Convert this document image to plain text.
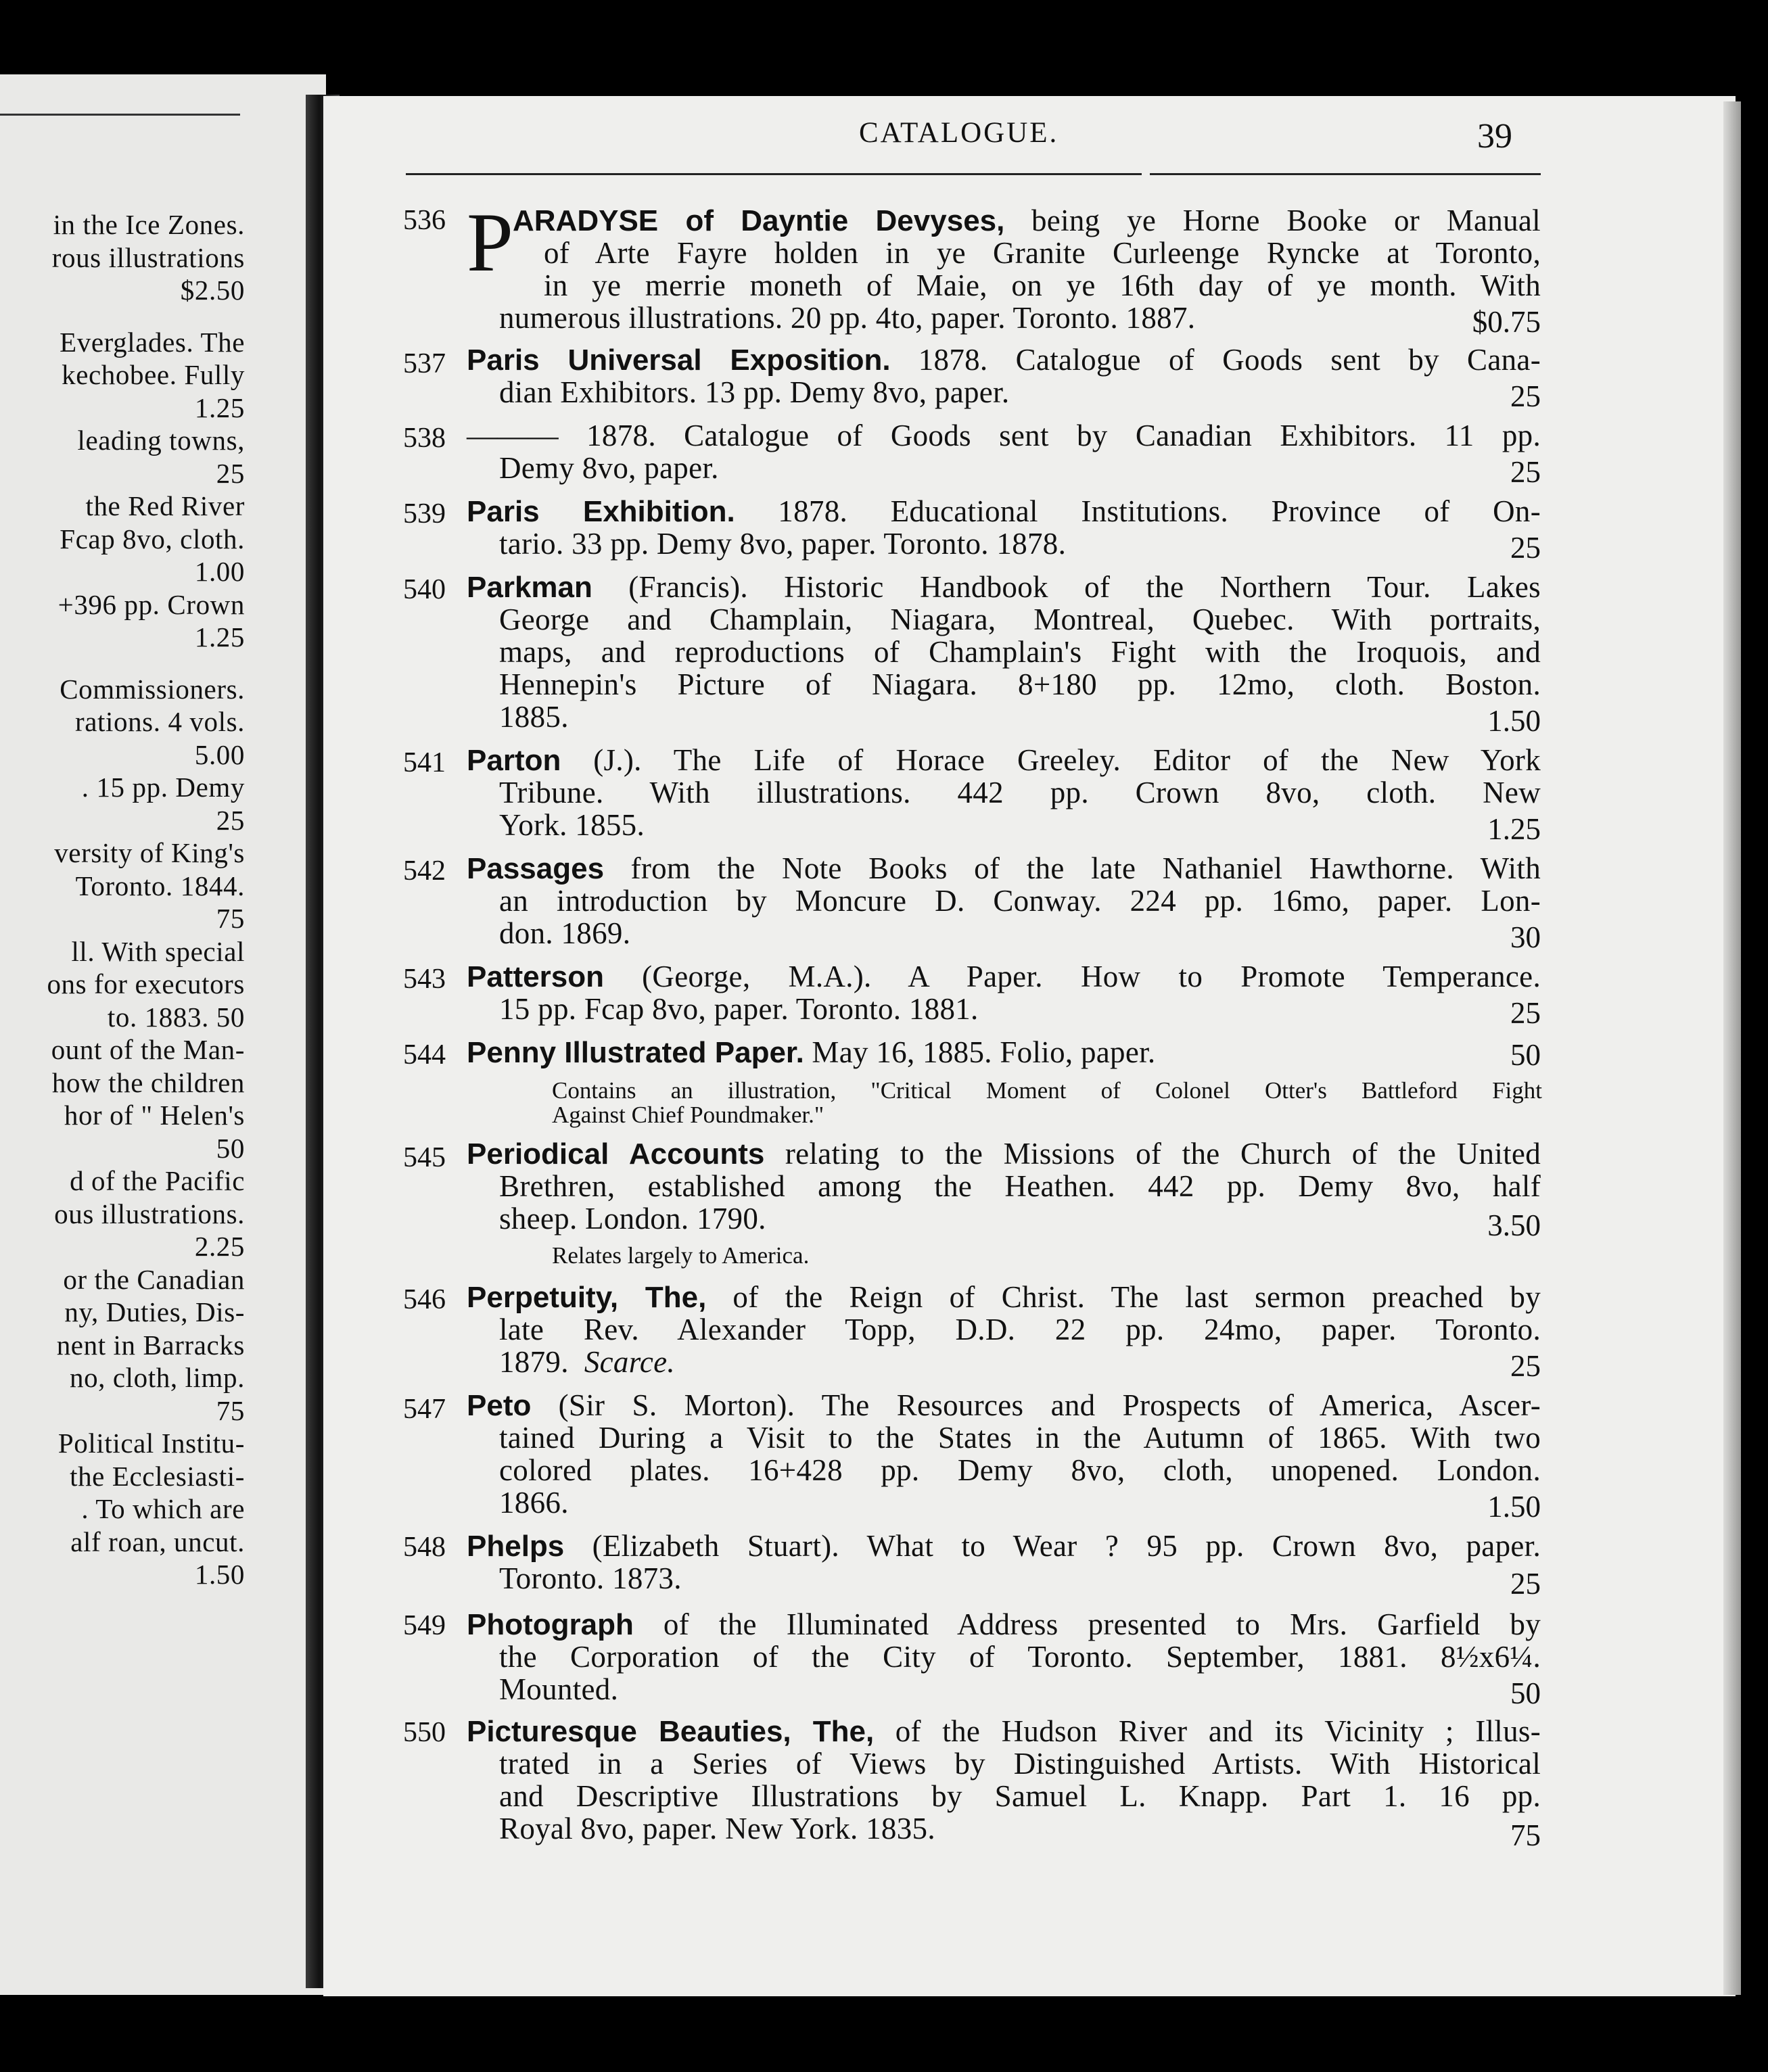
in the Ice Zones.
rous illustrations
$2.50
Everglades. The
kechobee. Fully
1.25
leading towns,
25
the Red River
Fcap 8vo, cloth.
1.00
+396 pp. Crown
1.25
Commissioners.
rations. 4 vols.
5.00
. 15 pp. Demy
25
versity of King's
Toronto. 1844.
75
ll. With special
ons for executors
to. 1883. 50
ount of the Man-
how the children
hor of " Helen's
50
d of the Pacific
ous illustrations.
2.25
or the Canadian
ny, Duties, Dis-
nent in Barracks
no, cloth, limp.
75
Political Institu-
the Ecclesiasti-
. To which are
alf roan, uncut.
1.50
CATALOGUE.	39
536 P ARADYSE of Dayntie Devyses, being ye Horne Booke or Manual
of Arte Fayre holden in ye Granite Curleenge Ryncke at Toronto,
in ye merrie moneth of Maie, on ye 16th day of ye month. With
numerous illustrations. 20 pp. 4to, paper. Toronto. 1887.	$0.75
537 Paris Universal Exposition. 1878. Catalogue of Goods sent by Cana-
dian Exhibitors. 13 pp. Demy 8vo, paper.	25
538 ——— 1878. Catalogue of Goods sent by Canadian Exhibitors. 11 pp.
Demy 8vo, paper.	25
539 Paris Exhibition. 1878. Educational Institutions. Province of On-
tario. 33 pp. Demy 8vo, paper. Toronto. 1878.	25
540 Parkman (Francis). Historic Handbook of the Northern Tour. Lakes
George and Champlain, Niagara, Montreal, Quebec. With portraits,
maps, and reproductions of Champlain's Fight with the Iroquois, and
Hennepin's Picture of Niagara. 8+180 pp. 12mo, cloth. Boston.
1885.	1.50
541 Parton (J.). The Life of Horace Greeley. Editor of the New York
Tribune. With illustrations. 442 pp. Crown 8vo, cloth. New
York. 1855.	1.25
542 Passages from the Note Books of the late Nathaniel Hawthorne. With
an introduction by Moncure D. Conway. 224 pp. 16mo, paper. Lon-
don. 1869.	30
543 Patterson (George, M.A.). A Paper. How to Promote Temperance.
15 pp. Fcap 8vo, paper. Toronto. 1881.	25
544 Penny Illustrated Paper. May 16, 1885. Folio, paper.	50
Contains an illustration, "Critical Moment of Colonel Otter's Battleford Fight
Against Chief Poundmaker."
545 Periodical Accounts relating to the Missions of the Church of the United
Brethren, established among the Heathen. 442 pp. Demy 8vo, half
sheep. London. 1790.	3.50
Relates largely to America.
546 Perpetuity, The, of the Reign of Christ. The last sermon preached by
late Rev. Alexander Topp, D.D. 22 pp. 24mo, paper. Toronto.
1879. Scarce.	25
547 Peto (Sir S. Morton). The Resources and Prospects of America, Ascer-
tained During a Visit to the States in the Autumn of 1865. With two
colored plates. 16+428 pp. Demy 8vo, cloth, unopened. London.
1866.	1.50
548 Phelps (Elizabeth Stuart). What to Wear ? 95 pp. Crown 8vo, paper.
Toronto. 1873.	25
549 Photograph of the Illuminated Address presented to Mrs. Garfield by
the Corporation of the City of Toronto. September, 1881. 8½x6¼.
Mounted.	50
550 Picturesque Beauties, The, of the Hudson River and its Vicinity ; Illus-
trated in a Series of Views by Distinguished Artists. With Historical
and Descriptive Illustrations by Samuel L. Knapp. Part 1. 16 pp.
Royal 8vo, paper. New York. 1835.	75
